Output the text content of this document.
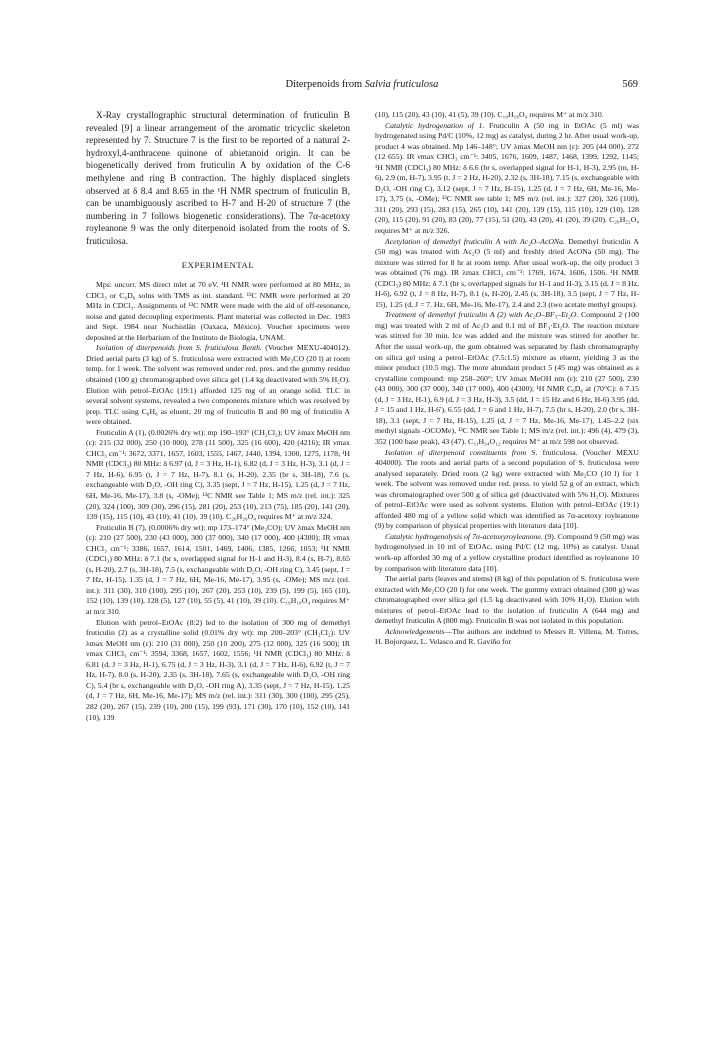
Diterpenoids from Salvia fruticulosa	569

X-Ray crystallographic structural determination of fruticulin B revealed [9] a linear arrangement of the aromatic tricyclic skeleton represented by 7. Structure 7 is the first to be reported of a natural 2-hydroxyl,4-anthracene quinone of abietanoid origin. It can be biogenetically derived from fruticulin A by oxidation of the C-6 methylene and ring B contraction. The highly displaced singlets observed at δ 8.4 and 8.65 in the ¹H NMR spectrum of fruticulin B, can be unambiguously ascribed to H-7 and H-20 of structure 7 (the numbering in 7 follows biogenetic considerations). The 7α-acetoxy royleanone 9 was the only diterpenoid isolated from the roots of S. fruticulosa.

EXPERIMENTAL

Mps: uncorr. MS direct inlet at 70 eV. ¹H NMR were performed at 80 MHz, in CDCl₃ or C₆D₆ solns with TMS as int. standard. ¹³C NMR were performed at 20 MHz in CDCl₃. Assignments of ¹³C NMR were made with the aid of off-resonance, noise and gated decoupling experiments. Plant material was collected in Dec. 1983 and Sept. 1984 near Nochistlán (Oaxaca, México). Voucher specimens were deposited at the Herbarium of the Instituto de Biología, UNAM.

Isolation of diterpenoids from S. fruticulosa Benth. (Voucher MEXU-404012). Dried aerial parts (3 kg) of S. fruticulosa were extracted with Me₂CO (20 l) at room temp. for 1 week. The solvent was removed under red. pres. and the gummy residue obtained (100 g) chromatographed over silica gel (1.4 kg deactivated with 5% H₂O). Elution with petrol–EtOAc (19:1) afforded 125 mg of an orange solid. TLC in several solvent systems, revealed a two components mixture which was resolved by prep. TLC using C₆H₆ as eluent, 20 mg of fruticulin B and 80 mg of fruticulin A were obtained.

Fruticulin A (1), (0.0026% dry wt): mp 190–193° (CH₂Cl₂); UV λmax MeOH nm (ε): 215 (32 000), 250 (10 000), 278 (11 500), 325 (16 600), 420 (4216); IR νmax CHCl₃ cm⁻¹: 3672, 3371, 1657, 1603, 1555, 1467, 1440, 1394, 1300, 1275, 1178; ¹H NMR (CDCl₃) 80 MHz: δ 6.97 (d, J = 3 Hz, H-1), 6.82 (d, J = 3 Hz, H-3), 3.1 (d, J = 7 Hz, H-6), 6.95 (t, J = 7 Hz, H-7), 8.1 (s, H-20), 2.35 (br s, 3H-18), 7.6 (s, exchangeable with D₂O, -OH ring C), 3.35 (sept, J = 7 Hz, H-15), 1.25 (d, J = 7 Hz, 6H, Me-16, Me-17), 3.8 (s, -OMe); ¹³C NMR see Table 1; MS m/z (rel. int.): 325 (20), 324 (100), 309 (30), 296 (15), 281 (20), 253 (10), 213 (75), 185 (20), 141 (20), 139 (15), 115 (10), 43 (10); 41 (10), 39 (10). C₂₀H₂₀O₄ requires M⁺ at m/z 324.

Fruticulin B (7), (0.0006% dry wt): mp 173–174° (Me₂CO); UV λmax MeOH nm (ε): 210 (27 500), 230 (43 000), 300 (37 000), 340 (17 000), 400 (4300); IR νmax CHCl₃ cm⁻¹: 3386, 1657, 1614, 1501, 1469, 1406, 1385, 1266, 1053; ¹H NMR (CDCl₃) 80 MHz: δ 7.1 (br s, overlapped signal for H-1 and H-3), 8.4 (s, H-7), 8.65 (s, H-20), 2.7 (s, 3H-18), 7.5 (s, exchangeable with D₂O, -OH ring C), 3.45 (sept, J = 7 Hz, H-15), 1.35 (d, J = 7 Hz, 6H, Me-16, Me-17), 3.95 (s, -OMe); MS m/z (rel. int.): 311 (30), 310 (100), 295 (10), 267 (20), 253 (10), 239 (5), 199 (5), 165 (10), 152 (10), 139 (10), 128 (5), 127 (10), 55 (5), 41 (10), 39 (10). C₁₉H₁₈O₄ requires M⁺ at m/z 310.

Elution with petrol–EtOAc (8:2) led to the isolation of 300 mg of demethyl fruticulin (2) as a crystalline solid (0.01% dry wt): mp 200–203° (CH₂Cl₂): UV λmax MeOH nm (ε): 210 (31 000), 250 (10 200), 275 (12 000), 325 (16 500); IR νmax CHCl₃ cm⁻¹: 3594, 3368, 1657, 1602, 1556; ¹H NMR (CDCl₃) 80 MHz: δ 6.81 (d, J = 3 Hz, H-1), 6.75 (d, J = 3 Hz, H-3), 3.1 (d, J = 7 Hz, H-6), 6.92 (t, J = 7 Hz, H-7), 8.0 (s, H-20), 2.35 (s, 3H-18), 7.65 (s, exchangeable with D₂O, -OH ring C), 5.4 (br s, exchangeable with D₂O, -OH ring A), 3.35 (sept, J = 7 Hz, H-15), 1.25 (d, J = 7 Hz, 6H, Me-16, Me-17); MS m/z (rel. int.): 311 (30), 300 (100), 295 (25), 282 (20), 267 (15), 239 (10), 200 (15), 199 (93), 171 (30), 170 (10), 152 (10), 141 (10), 139

(10), 115 (20), 43 (10), 41 (5), 39 (10). C₁₉H₁₈O₄ requires M⁺ at m/z 310.

Catalytic hydrogenation of 1. Fruticulin A (50 mg in EtOAc (5 ml) was hydrogenated using Pd/C (10%, 12 mg) as catalyst, during 2 hr. After usual work-up, product 4 was obtained. Mp 146–148°; UV λmax MeOH nm (ε): 205 (44 000), 272 (12 655). IR νmax CHCl₃ cm⁻¹: 3405, 1676, 1609, 1487, 1468, 1399, 1292, 1145; ¹H NMR (CDCl₃) 80 MHz: δ 6.6 (br s, overlapped signal for H-1, H-3), 2.95 (m, H-6), 2.9 (m, H-7), 3.95 (t, J = 2 Hz, H-20), 2.32 (s, 3H-18), 7.15 (s, exchangeable with D₂O, -OH ring C), 3.12 (sept, J = 7 Hz, H-15), 1.25 (d, J = 7 Hz, 6H, Me-16, Me-17), 3.75 (s, -OMe); ¹³C NMR see table 1; MS m/z (rel. int.): 327 (20), 326 (100), 311 (20), 293 (15), 283 (15), 265 (10), 141 (20), 139 (15), 115 (10), 129 (10), 128 (20), 115 (20), 91 (20), 83 (20), 77 (15), 51 (20), 43 (20), 41 (20), 39 (20). C₂₀H₂₂O₄ requires M⁺ at m/z 326.

Acetylation of demethyl fruticulin A with Ac₂O–AcONa. Demethyl fruticulin A (50 mg) was treated with Ac₂O (5 ml) and freshly dried AcONa (50 mg). The mixture was stirred for 8 hr at room temp. After usual work-up, the oily product 3 was obtained (76 mg). IR λmax CHCl₃ cm⁻¹: 1769, 1674, 1606, 1506. ¹H NMR (CDCl₃) 80 MHz: δ 7.1 (br s, overlapped signals for H-1 and H-3), 3.15 (d, J = 8 Hz, H-6), 6.92 (t, J = 8 Hz, H-7), 8.1 (s, H-20), 2.45 (s, 3H-18), 3.5 (sept, J = 7 Hz, H-15), 1.25 (d, J = 7. Hz, 6H, Me-16, Me-17), 2.4 and 2.3 (two acetate methyl groups).

Treatment of demethyl fruticulin A (2) with Ac₂O–BF₃–Et₂O. Compound 2 (100 mg) was treated with 2 ml of Ac₂O and 0.1 ml of BF₃·Et₂O. The reaction mixture was stirred for 30 min. Ice was added and the mixture was stirred for another hr. After the usual work-up, the gum obtained was separated by flash chromatography on silica gel using a petrol–EtOAc (7.5:1.5) mixture as eluent, yielding 3 as the minor product (10.5 mg). The more abundant product 5 (45 mg) was obtained as a crystalline compound: mp 258–260°; UV λmax MeOH nm (ε): 210 (27 500), 230 (43 000), 300 (37 000), 340 (17 000), 400 (4300); ¹H NMR C₆D₆ at (70°C): δ 7.15 (d, J = 3 Hz, H-1), 6.9 (d, J = 3 Hz, H-3), 3.5 (dd, J = 15 Hz and 6 Hz, H-6) 3.95 (dd, J = 15 and 1 Hz, H-6'), 6.55 (dd, J = 6 and 1 Hz, H-7), 7.5 (br s, H-20), 2.0 (br s, 3H-18), 3.1 (sept, J = 7 Hz, H-15), 1.25 (d, J = 7 Hz, Me-16, Me-17), 1.45–2.2 (six methyl signals -OCOMe), ¹³C NMR see Table 1; MS m/z (rel. int.): 496 (4), 479 (3), 352 (100 base peak), 43 (47). C₃₁H₃₄O₁₂ requires M⁺ at m/z 598 not observed.

Isolation of diterpenoid constituents from S. fruticulosa. (Voucher MEXU 404000). The roots and aerial parts of a second population of S. fruticulosa were analysed separately. Dried roots (2 kg) were extracted with Me₂CO (10 l) for 1 week. The solvent was removed under red. press. to yield 52 g of an extract, which was chromatographed over 500 g of silica gel (deactivated with 5% H₂O). Mixtures of petrol–EtOAc were used as solvent systems. Elution with petrol–EtOAc (19:1) afforded 480 mg of a yellow solid which was identified as 7α-acetoxy royleanone (9) by comparison of physical properties with literature data [10].

Catalytic hydrogenolysis of 7α-acetoxyroyleanone. (9). Compound 9 (50 mg) was hydrogenolysed in 10 ml of EtOAc, using Pd/C (12 mg, 10%) as catalyst. Usual work-up afforded 30 mg of a yellow crystalline product identified as royleanone 10 by comparison with literature data [10].

The aerial parts (leaves and stems) (8 kg) of this population of S. fruticulosa were extracted with Me₂CO (20 l) for one week. The gummy extract obtained (300 g) was chromatographed over silica gel (1.5 kg deactivated with 10% H₂O). Elution with mixtures of petrol–EtOAc lead to the isolation of fruticulin A (644 mg) and demethyl fruticulin A (800 mg). Fruticulin B was not isolated in this population.

Acknowledgements—The authors are indebted to Messrs R. Villena, M. Torres, H. Bojorquez, L. Velasco and R. Gaviño for
